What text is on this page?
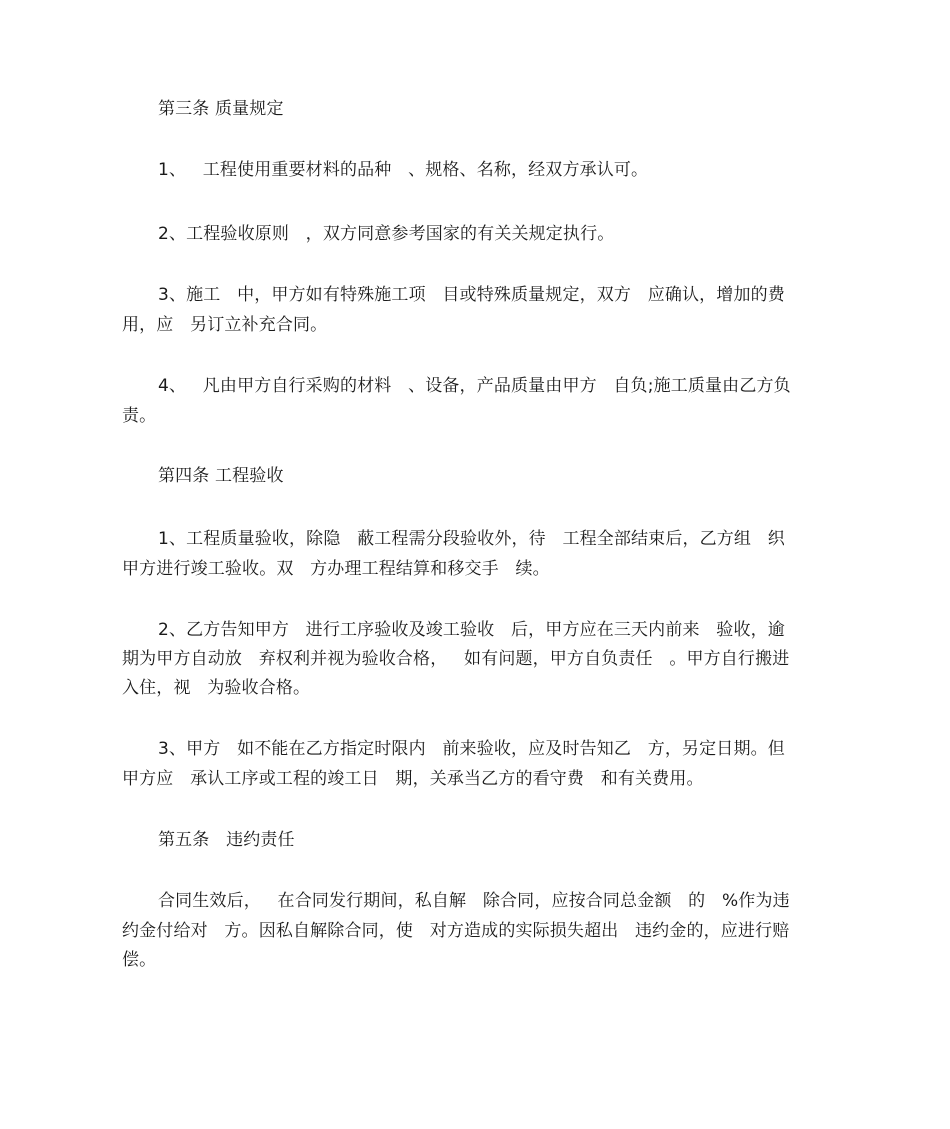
第三条 质量规定

1、   工程使用重要材料的品种   、规格、名称，经双方承认可。

2、工程验收原则   ，双方同意参考国家的有关关规定执行。

3、施工   中，甲方如有特殊施工项   目或特殊质量规定，双方   应确认，增加的费

用，应   另订立补充合同。

4、   凡由甲方自行采购的材料   、设备，产品质量由甲方   自负;施工质量由乙方负

责。

第四条 工程验收

1、工程质量验收，除隐   蔽工程需分段验收外，待   工程全部结束后，乙方组   织

甲方进行竣工验收。双   方办理工程结算和移交手   续。

2、乙方告知甲方   进行工序验收及竣工验收   后，甲方应在三天内前来   验收，逾

期为甲方自动放   弃权利并视为验收合格，   如有问题，甲方自负责任   。甲方自行搬进

入住，视   为验收合格。

3、甲方   如不能在乙方指定时限内   前来验收，应及时告知乙   方，另定日期。但

甲方应   承认工序或工程的竣工日   期，关承当乙方的看守费   和有关费用。

第五条   违约责任

合同生效后，   在合同发行期间，私自解   除合同，应按合同总金额   的   %作为违

约金付给对   方。因私自解除合同，使   对方造成的实际损失超出   违约金的，应进行赔

偿。
